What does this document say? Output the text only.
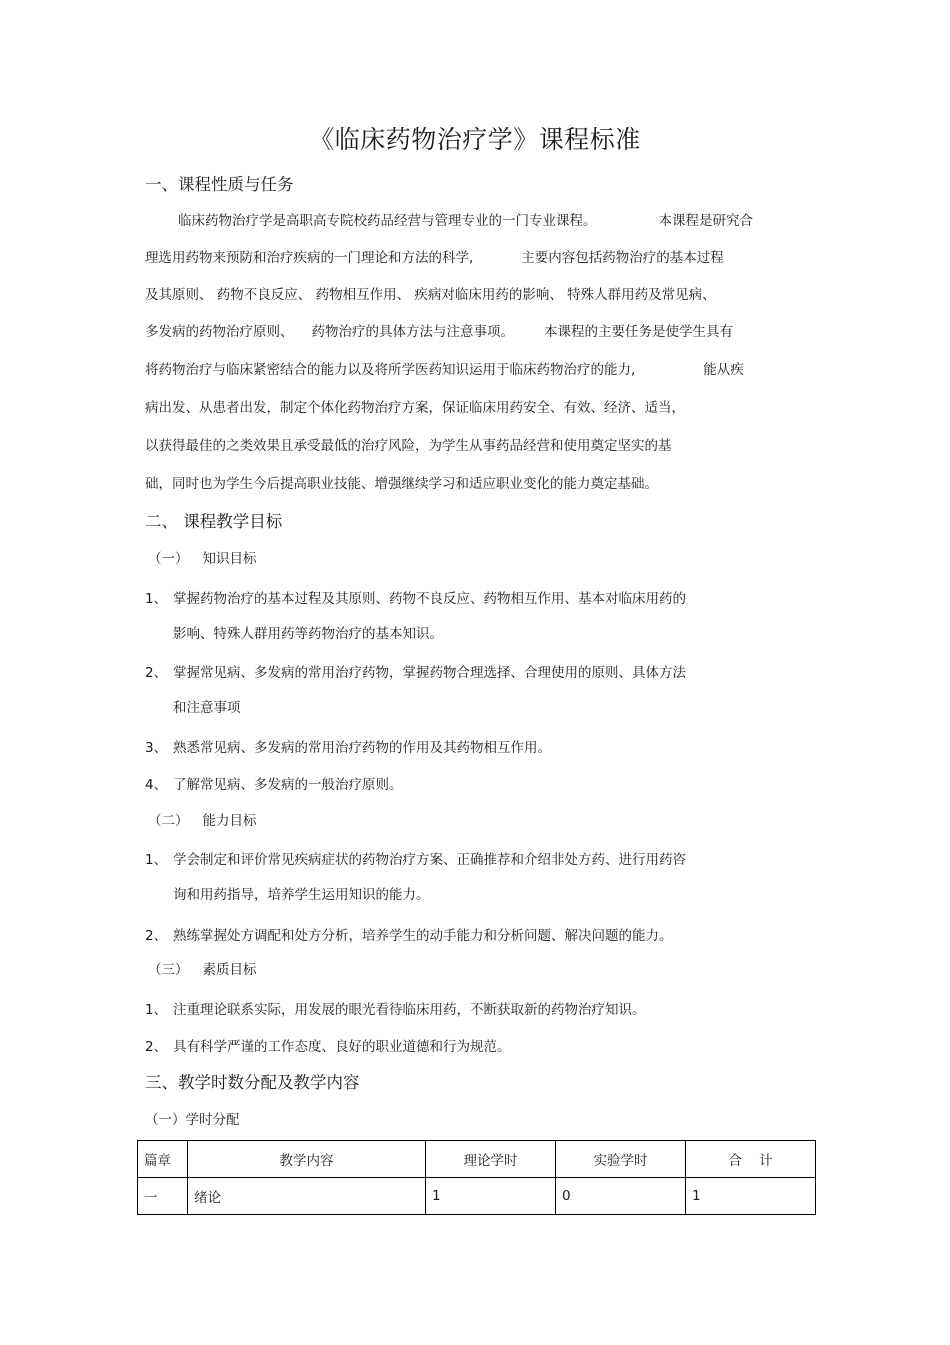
《临床药物治疗学》课程标准
一、课程性质与任务
临床药物治疗学是高职高专院校药品经营与管理专业的一门专业课程。	本课程是研究合
理选用药物来预防和治疗疾病的一门理论和方法的科学,	主要内容包括药物治疗的基本过程
及其原则、 药物不良反应、 药物相互作用、 疾病对临床用药的影响、 特殊人群用药及常见病、
多发病的药物治疗原则、 药物治疗的具体方法与注意事项。 本课程的主要任务是使学生具有
将药物治疗与临床紧密结合的能力以及将所学医药知识运用于临床药物治疗的能力,	能从疾
病出发、从患者出发，制定个体化药物治疗方案，保证临床用药安全、有效、经济、适当，
以获得最佳的之类效果且承受最低的治疗风险，为学生从事药品经营和使用奠定坚实的基
础，同时也为学生今后提高职业技能、增强继续学习和适应职业变化的能力奠定基础。
二、 课程教学目标
（一） 知识目标
1、 掌握药物治疗的基本过程及其原则、药物不良反应、药物相互作用、基本对临床用药的
影响、特殊人群用药等药物治疗的基本知识。
2、 掌握常见病、多发病的常用治疗药物，掌握药物合理选择、合理使用的原则、具体方法
和注意事项
3、 熟悉常见病、多发病的常用治疗药物的作用及其药物相互作用。
4、 了解常见病、多发病的一般治疗原则。
（二） 能力目标
1、 学会制定和评价常见疾病症状的药物治疗方案、正确推荐和介绍非处方药、进行用药咨
询和用药指导，培养学生运用知识的能力。
2、 熟练掌握处方调配和处方分析，培养学生的动手能力和分析问题、解决问题的能力。
（三） 素质目标
1、 注重理论联系实际，用发展的眼光看待临床用药，不断获取新的药物治疗知识。
2、 具有科学严谨的工作态度、良好的职业道德和行为规范。
三、教学时数分配及教学内容
（一）学时分配
篇章	教学内容	理论学时	实验学时	合    计
一	绪论	1	0	1
